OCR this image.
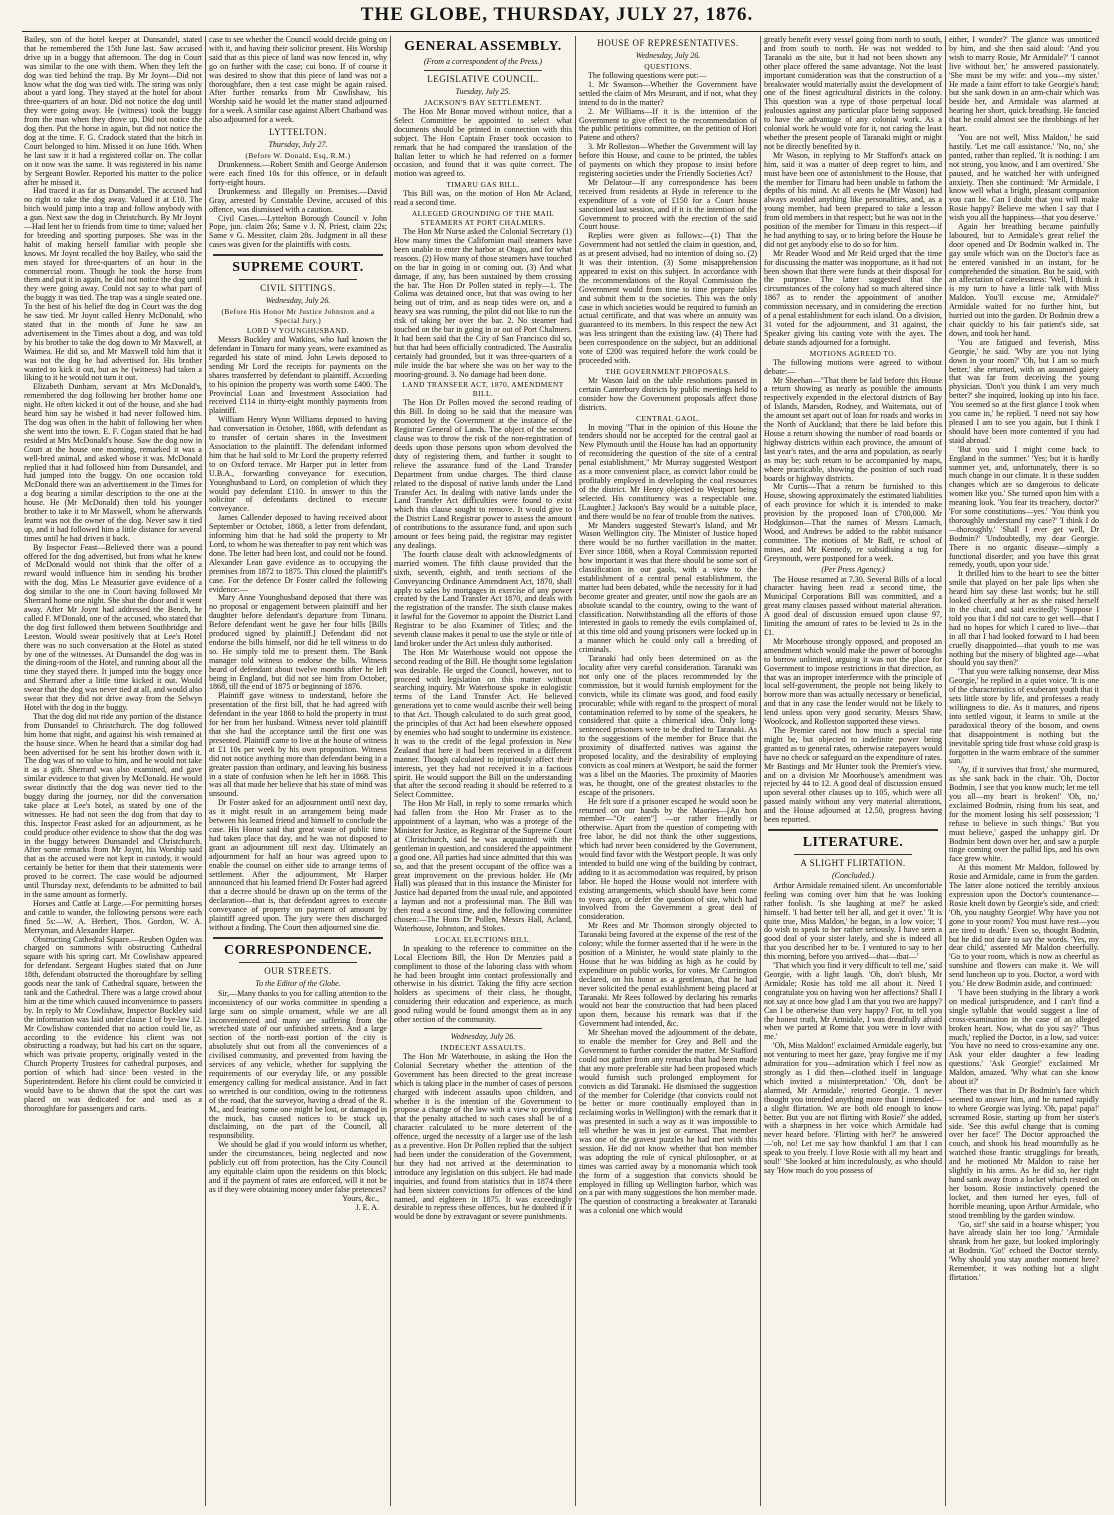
THE GLOBE, THURSDAY, JULY 27, 1876.

Bailey, son of the hotel keeper at Dunsandel, stated that he remembered the 15th June last. Saw accused drive up in a buggy that afternoon. The dog in Court was similar to the one with them. When they left the dog was tied behind the trap. By Mr Joynt—Did not know what the dog was tied with. The string was only about a yard long. They stayed at the hotel for about three-quarters of an hour. Did not notice the dog until they were going away. He (witness) took the buggy from the man when they drove up. Did not notice the dog then. Put the horse in again, but did not notice the dog at the time. F. G. Cradock stated that the bitch in Court belonged to him. Missed it on June 16th. When he last saw it it had a registered collar on. The collar on it now was the same. It was registered in his name by Sergeant Bowler. Reported his matter to the police after he missed it.

Had traced it as far as Dunsandel. The accused had no right to take the dog away. Valued it at £10. The bitch would jump into a trap and follow anybody with a gun. Next saw the dog in Christchurch. By Mr Joynt—Had lent her to friends from time to time; valued her for breeding and sporting purposes. She was in the habit of making herself familiar with people she knows. Mr Joynt recalled the boy Bailey, who said the men stayed for three-quarters of an hour in the commercial room. Though he took the horse from them and put it in again, he did not notice the dog until they were going away. Could not say to what part of the buggy it was tied. The trap was a single seated one. To the best of his belief the dog in Court was the dog he saw tied. Mr Joynt called Henry McDonald, who stated that in the month of June he saw an advertisement in the Times about a dog, and was told by his brother to take the dog down to Mr Maxwell, at Waimea. He did so, and Mr Maxwell told him that it was not the dog he had advertised for. His brother wanted to kick it out, but as he (witness) had taken a liking to it he would not turn it out.

Elizabeth Dunham, servant at Mrs McDonald's, remembered the dog following her brother home one night. He often kicked it out of the house, and she had heard him say he wished it had never followed him. The dog was often in the habit of following her when she went into the town. E. F. Cogan stated that he had resided at Mrs McDonald's house. Saw the dog now in Court at the house one morning, remarked it was a well-bred animal, and asked whose it was. McDonald replied that it had followed him from Dunsandel, and had jumped into the buggy. On one occasion told McDonald there was an advertisement in the Times for a dog bearing a similar description to the one at the house. He (Mr McDonald) then told his younger brother to take it to Mr Maxwell, whom he afterwards learnt was not the owner of the dog. Never saw it tied up, and it had followed him a little distance for several times until he had driven it back.

By Inspector Feast—Believed there was a pound offered for the dog advertised, but from what he knew of McDonald would not think that the offer of a reward would influence him in sending his brother with the dog. Miss Le Measurier gave evidence of a dog similar to the one in Court having followed Mr Sherrard home one night. She shut the door and it went away. After Mr Joynt had addressed the Bench, he called F. M'Donald, one of the accused, who stated that the dog first followed them between Southbridge and Leeston. Would swear positively that at Lee's Hotel there was no such conversation at the Hotel as stated by one of the witnesses. At Dunsandel the dog was in the dining-room of the Hotel, and running about all the time they stayed there. It jumped into the buggy once and Sherrard after a little time kicked it out. Would swear that the dog was never tied at all, and would also swear that they did not drive away from the Selwyn Hotel with the dog in the buggy.

That the dog did not ride any portion of the distance from Dunsandel to Christchurch. The dog followed him home that night, and against his wish remained at the house since. When he heard that a similar dog had been advertised for he sent his brother down with it. The dog was of no value to him, and he would not take it as a gift. Sherrard was also examined, and gave similar evidence to that given by McDonald. He would swear distinctly that the dog was never tied to the buggy during the journey, nor did the conversation take place at Lee's hotel, as stated by one of the witnesses. He had not seen the dog from that day to this. Inspector Feast asked for an adjournment, as he could produce other evidence to show that the dog was in the buggy between Dunsandel and Christchurch. After some remarks from Mr Joynt, his Worship said that as the accused were not kept in custody, it would certainly be better for them that their statements were proved to be correct. The case would be adjourned until Thursday next, defendants to be admitted to bail in the same amount as formerly.

Horses and Cattle at Large.—For permitting horses and cattle to wander, the following persons were each fined 5s:—W. A. Herbert, Thos. Gordon, W. A. Merryman, and Alexander Harper.

Obstructing Cathedral Square.—Reuben Ogden was charged on summons with obstructing Cathedral square with his spring cart. Mr Cowlishaw appeared for defendant. Sergeant Hughes stated that on June 18th, defendant obstructed the thoroughfare by selling goods near the tank of Cathedral square, between the tank and the Cathedral. There was a large crowd about him at the time which caused inconvenience to passers by. In reply to Mr Cowlishaw, Inspector Buckley said the information was laid under clause 1 of bye-law 12. Mr Cowlishaw contended that no action could lie, as according to the evidence his client was not obstructing a roadway, but had his cart on the square, which was private property, originally vested in the Church Property Trustees for cathedral purposes, and portion of which had since been vested in the Superintendent. Before his client could be convicted it would have to be shown that the spot the cart was placed on was dedicated for and used as a thoroughfare for passengers and carts.

case to see whether the Council would decide going on with it, and having their solicitor present. His Worship said that as this piece of land was now fenced in, why go on further with the case; cui bono. If of course it was desired to show that this piece of land was not a thoroughfare, then a test case might be again raised. After further remarks from Mr Cowlishaw, his Worship said he would let the matter stand adjourned for a week. A similar case against Albert Chatband was also adjourned for a week.

LYTTELTON.
Thursday, July 27.
(Before W. Donald, Esq, R.M.)

Drunkenness.—Robert Smith and George Anderson were each fined 10s for this offence, or in default forty-eight hours.

Drunkenness and Illegally on Premises.—David Gray, arrested by Constable Devine, accused of this offence, was dismissed with a caution.

Civil Cases.—Lyttelton Borough Council v John Pope, jun. claim 26s; Same v J. N. Priest, claim 22s; Same v G. Messiter, claim 28s. Judgment in all these cases was given for the plaintiffs with costs.

SUPREME COURT.
CIVIL SITTINGS.
Wednesday, July 26.
(Before His Honor Mr Justice Johnston and a Special Jury.)
LORD V YOUNGHUSBAND.

Messrs Buckley and Watkins, who had known the defendant in Timaru for many years, were examined as regarded his state of mind. John Lewis deposed to sending Mr Lord the receipts for payments on the shares transferred by defendant to plaintiff. According to his opinion the property was worth some £400. The Provincial Loan and Investment Association had received £114 in thirty-eight monthly payments from plaintiff.

William Henry Wynn Williams deposed to having had conversation in October, 1868, with defendant as to transfer of certain shares in the Investment Association to the plaintiff. The defendant informed him that he had sold to Mr Lord the property referred to on Oxford terrace. Mr Harper put in letter from U.B.A., forwarding conveyance for execution, Younghusband to Lord, on completion of which they would pay defendant £110. In answer to this the solicitor of defendants declined to execute conveyance.

James Callender deposed to having received about September or October, 1868, a letter from defendant, informing him that he had sold the property to Mr Lord, to whom he was thereafter to pay rent which was done. The letter had been lost, and could not be found. Alexander Lean gave evidence as to occupying the premises from 1872 to 1875. This closed the plaintiff's case. For the defence Dr Foster called the following evidence:—

Mary Anne Younghusband deposed that there was no proposal or engagement between plaintiff and her daughter before defendant's departure from Timaru. Before defendant went he gave her four bills [Bills produced signed by plaintiff.] Defendant did not endorse the bills himself, nor did he tell witness to do so. He simply told me to present them. The Bank manager told witness to endorse the bills. Witness heard of defendant about twelve months after he left being in England, but did not see him from October, 1868, till the end of 1875 or beginning of 1876.

Plaintiff gave witness to understand, before the presentation of the first bill, that he had agreed with defendant in the year 1868 to hold the property in trust for her from her husband. Witness never told plaintiff that she had the acceptance until the first one was presented. Plaintiff came to live at the house of witness at £1 10s per week by his own proposition. Witness did not notice anything more than defendant being in a greater passion than ordinary, and leaving his business in a state of confusion when he left her in 1868. This was all that made her believe that his state of mind was unsound.

Dr Foster asked for an adjournment until next day, as it might result in an arrangement being made between his learned friend and himself to conclude the case. His Honor said that great waste of public time had taken place that day, and he was not disposed to grant an adjournment till next day. Ultimately an adjournment for half an hour was agreed upon to enable the counsel on either side to arrange terms of settlement. After the adjournment, Mr Harper announced that his learned friend Dr Foster had agreed that a decree should be drawn up on the terms of the declaration—that is, that defendant agrees to execute conveyance of property on payment of amount by plaintiff agreed upon. The jury were then discharged without a finding. The Court then adjourned sine die.

CORRESPONDENCE.
OUR STREETS.
To the Editor of the Globe.

Sir,—Many thanks to you for calling attention to the inconsistency of our works committee in spending a large sum on simple ornament, while we are all inconvenienced and many are suffering from the wretched state of our unfinished streets. And a large section of the north-east portion of the city is absolutely shut out from all the conveniences of a civilised community, and prevented from having the services of any vehicle, whether for supplying the requirements of our everyday life, or any possible emergency calling for medical assistance. And in fact so wretched is our condition, owing to the rottenness of the road, that the surveyor, having a dread of the R. M., and fearing some one might be lost, or damaged in the muck, has caused notices to be stuck up, disclaiming, on the part of the Council, all responsibility.

We should be glad if you would inform us whether, under the circumstances, being neglected and now publicly cut off from protection, has the City Council any equitable claim upon the residents on this block; and if the payment of rates are enforced, will it not be as if they were obtaining money under false pretences?

Yours, &c.,
J. E. A.
GENERAL ASSEMBLY.
(From a correspondent of the Press.)
LEGISLATIVE COUNCIL.
Tuesday, July 25.
JACKSON'S BAY SETTLEMENT.

The Hon Mr Bonar moved without notice, that a Select Committee be appointed to select what documents should be printed in connection with this subject. The Hon Captain Fraser took occasion to remark that he had compared the translation of the Italian letter to which he had referred on a former occasion, and found that it was quite correct. The motion was agreed to.

TIMARU GAS BILL.

This Bill was, on the motion of Hon Mr Acland, read a second time.

ALLEGED GROUNDING OF THE MAIL STEAMERS AT PORT CHALMERS.

The Hon Mr Nurse asked the Colonial Secretary (1) How many times the Californian mail steamers have been unable to enter the harbor at Otago, and for what reasons. (2) How many of those steamers have touched on the bar in going in or coming out. (3) And what damage, if any, has been sustained by them crossing the bar. The Hon Dr Pollen stated in reply—1. The Colima was detained once, but that was owing to her being out of trim, and as neap tides were on, and a heavy sea was running, the pilot did not like to run the risk of taking her over the bar. 2. No steamer had touched on the bar in going in or out of Port Chalmers. It had been said that the City of San Francisco did so, but that had been officially contradicted. The Australia certainly had grounded, but it was three-quarters of a mile inside the bar where she was on her way to the mooring-ground. 3. No damage had been done.

LAND TRANSFER ACT, 1870, AMENDMENT BILL.

The Hon Dr Pollen moved the second reading of this Bill. In doing so he said that the measure was promoted by the Government at the instance of the Registrar General of Lands. The object of the second clause was to throw the risk of the non-registration of deeds upon those persons upon whom devolved the duty of registering them, and further it sought to relieve the assurance fund of the Land Transfer Department from undue charges. The third clause related to the disposal of native lands under the Land Transfer Act. In dealing with native lands under the Land Transfer Act difficulties were found to exist which this clause sought to remove. It would give to the District Land Registrar power to assess the amount of contributions to the assurance fund, and upon such amount or fees being paid, the registrar may register any dealings.

The fourth clause dealt with acknowledgments of married women. The fifth clause provided that the sixth, seventh, eighth, and tenth sections of the Conveyancing Ordinance Amendment Act, 1870, shall apply to sales by mortgages in exercise of any power created by the Land Transfer Act 1870, and deals with the registration of the transfer. The sixth clause makes it lawful for the Governor to appoint the District Land Registrar to be also Examiner of Titles; and the seventh clause makes it penal to use the style or title of land broker under the Act unless duly authorised.

The Hon Mr Waterhouse would not oppose the second reading of the Bill. He thought some legislation was desirable. He urged the Council, however, not to proceed with legislation on this matter without searching inquiry. Mr Waterhouse spoke in eulogistic terms of the Land Transfer Act. He believed generations yet to come would ascribe their well being to that Act. Though calculated to do such great good, the principles of that Act had been elsewhere opposed by enemies who had sought to undermine its existence. It was to the credit of the legal profession in New Zealand that here it had been received in a different manner. Though calculated to injuriously affect their interests, yet they had not received it in a factious spirit. He would support the Bill on the understanding that after the second reading it should be referred to a Select Committee.

The Hon Mr Hall, in reply to some remarks which had fallen from the Hon Mr Fraser as to the appointment of a layman, who was a protege of the Minister for Justice, as Registrar of the Supreme Court at Christchurch, said he was acquainted with the gentleman in question, and considered the appointment a good one. All parties had since admitted that this was so, and that the present occupant of the office was a great improvement on the previous holder. He (Mr Hall) was pleased that in this instance the Minister for Justice had departed from the usual rule, and appointed a layman and not a professional man. The Bill was then read a second time, and the following committee chosen:—The Hons Dr Pollen, Messrs Hall, Acland, Waterhouse, Johnston, and Stokes.

LOCAL ELECTIONS BILL.

In speaking to the reference to committee on the Local Elections Bill, the Hon Dr Menzies paid a compliment to those of the laboring class with whom he had been brought into contact professionally and otherwise in his district. Taking the fifty acre section holders as specimens of their class, he thought, considering their education and experience, as much good ruling would be found amongst them as in any other section of the community.

Wednesday, July 26.
INDECENT ASSAULTS.

The Hon Mr Waterhouse, in asking the Hon the Colonial Secretary whether the attention of the Government has been directed to the great increase which is taking place in the number of cases of persons charged with indecent assaults upon children, and whether it is the intention of the Government to propose a change of the law with a view to providing that the penalty attached to such cases shall be of a character calculated to be more deterrent of the offence, urged the necessity of a larger use of the lash as a preventive. Hon Dr Pollen replied that the subject had been under the consideration of the Government, but they had not arrived at the determination to introduce any legislation on this subject. He had made inquiries, and found from statistics that in 1874 there had been sixteen convictions for offences of the kind named, and eighteen in 1875. It was exceedingly desirable to repress these offences, but he doubted if it would be done by extravagant or severe punishments.

HOUSE OF REPRESENTATIVES.
Wednesday, July 26.
QUESTIONS.

The following questions were put:—

1. Mr Swanson—Whether the Government have settled the claim of Mrs Meurant, and if not, what they intend to do in the matter?

2. Mr Williams—If it is the intention of the Government to give effect to the recommendation of the public petitions committee, on the petition of Hori Patene and others?

3. Mr Rolleston—Whether the Government will lay before this House, and cause to be printed, the tables of payments on which they propose to insist before registering societies under the Friendly Societies Act?

Mr Delatour—If any correspondence has been received from residents at Hyde in reference to the expenditure of a vote of £150 for a Court house sanctioned last session, and if it is the intention of the Government to proceed with the erection of the said Court house.

Replies were given as follows:—(1) That the Government had not settled the claim in question, and, as at present advised, had no intention of doing so. (2) It was their intention. (3) Some misapprehension appeared to exist on this subject. In accordance with the recommendations of the Royal Commission the Government would from time to time prepare tables and submit them to the societies. This was the only case in which societies would be required to furnish an actual certificate, and that was where an annuity was guaranteed to its members. In this respect the new Act was less stringent than the existing law. (4) There had been correspondence on the subject, but an additional vote of £200 was required before the work could be proceeded with.

THE GOVERNMENT PROPOSALS.

Mr Wason laid on the table resolutions passed in certain Canterbury districts by public meetings held to consider how the Government proposals affect those districts.

CENTRAL GAOL.

In moving "That in the opinion of this House the tenders should not be accepted for the central gaol at New Plymouth until the House has had an opportunity of reconsidering the question of the site of a central penal establishment," Mr Murray suggested Westport as a more convenient place, as convict labor could be profitably employed in developing the coal resources of the district. Mr Henry objected to Westport being selected. His constituency was a respectable one. [Laughter.] Jackson's Bay would be a suitable place, and there would be no fear of trouble from the natives.

Mr Manders suggested Stewart's Island, and Mr Wason Wellington city. The Minister of Justice hoped there would be no further vacillation in the matter. Ever since 1868, when a Royal Commission reported how important it was that there should be some sort of classification in our gaols, with a view to the establishment of a central penal establishment, the matter had been debated, while the necessity for it had become greater and greater, until now the gaols are an absolute scandal to the country, owing to the want of classification. Notwithstanding all the efforts of those interested in gaols to remedy the evils complained of, at this time old and young prisoners were locked up in a manner which he could only call a breeding of criminals.

Taranaki had only been determined on as the locality after very careful consideration. Taranaki was not only one of the places recommended by the commission, but it would furnish employment for the convicts, while its climate was good, and food easily procurable; while with regard to the prospect of moral contamination referred to by some of the speakers, he considered that quite a chimerical idea. Only long-sentenced prisoners were to be drafted to Taranaki. As to the suggestions of the member for Bruce that the proximity of disaffected natives was against the proposed locality, and the desirability of employing convicts as coal miners at Westport, he said the former was a libel on the Maories. The proximity of Maories was, he thought, one of the greatest obstacles to the escape of the prisoners.

He felt sure if a prisoner escaped he would soon be returned on our hands by the Maories—[An hon member—"Or eaten"] —or rather friendly or otherwise. Apart from the question of competing with free labor, he did not think the other suggestions, which had never been considered by the Government, would find favor with the Westport people. It was only intended to build one wing of the building by contract, adding to it as accommodation was required, by prison labor. He hoped the House would not interfere with existing arrangements, which should have been come to years ago, or defer the question of site, which had involved from the Government a great deal of consideration.

Mr Rees and Mr Thomson strongly objected to Taranaki being favored at the expense of the rest of the colony; while the former asserted that if he were in the position of a Minister, he would state plainly to the House that he was bidding as high as he could by expenditure on public works, for votes. Mr Carrington declared, on his honor as a gentleman, that he had never solicited the penal establishment being placed at Taranaki. Mr Rees followed by declaring his remarks would not bear the construction that had been placed upon them, because his remark was that if the Government had intended, &c.

Mr Sheehan moved the adjournment of the debate, to enable the member for Grey and Bell and the Government to further consider the matter. Mr Stafford could not gather from any remarks that had been made that any more preferable site had been proposed which would furnish such prolonged employment for convicts as did Taranaki. He dismissed the suggestion of the member for Coleridge (that convicts could not be better or more continually employed than in reclaiming works in Wellington) with the remark that it was presented in such a way as it was impossible to tell whether he was in jest or earnest. That member was one of the gravest puzzles he had met with this session. He did not know whether that hon member was adopting the role of cynical philosopher, or at times was carried away by a monomania which took the form of a suggestion that convicts should be employed in filling up Wellington harbor, which was on a par with many suggestions the hon member made. The question of constructing a breakwater at Taranaki was a colonial one which would

greatly benefit every vessel going from north to south, and from south to north. He was not wedded to Taranaki as the site, but it had not been shown any other place offered the same advantage. Not the least important consideration was that the construction of a breakwater would materially assist the development of one of the finest agricultural districts in the colony. This question was a type of those perpetual local jealousies against any particular place being supposed to have the advantage of any colonial work. As a colonial work he would vote for it, not caring the least whether the present people of Taranaki might or might not be directly benefited by it.

Mr Wason, in replying to Mr Stafford's attack on him, said it was a matter of deep regret to him, and must have been one of astonishment to the House, that the member for Timaru had been unable to fathom the depths of his mind. At all events he (Mr Wason) had always avoided anything like personalities, and, as a young member, had been prepared to take a lesson from old members in that respect; but he was not in the position of the member for Timaru in this respect—if he had anything to say, or to bring before the House he did not get anybody else to do so for him.

Mr Reader Wood and Mr Reid urged that the time for discussing the matter was inopportune, as it had not been shown that there were funds at their disposal for the purpose. The latter suggested that the circumstances of the colony had so much altered since 1867 as to render the appointment of another commission necessary, and in considering the erection of a penal establishment for each island. On a division, 31 voted for the adjournment, and 31 against, the Speaker giving his casting vote with the ayes. The debate stands adjourned for a fortnight.

MOTIONS AGREED TO.

The following motions were agreed to without debate:—

Mr Sheehan—"That there be laid before this House a return showing as nearly as possible the amounts respectively expended in the electoral districts of Bay of Islands, Marsden, Rodney, and Waitemata, out of the amount set apart out of loan for roads and works in the North of Auckland; that there be laid before this House a return showing the number of road boards or highway districts within each province, the amount of last year's rates, and the area and population, as nearly as may be; such return to be accompanied by maps, where practicable, showing the position of such road boards or highway districts.

Mr Curtis—That a return be furnished to this House, showing approximately the estimated liabilities of each province for which it is intended to make provision by the proposed loan of £700,000. Mr Hodgkinson—That the names of Messrs Larnach, Wood, and Andrews be added to the rabbit nuisance committee. The motions of Mr Baff, re school of mines, and Mr Kennedy, re subsidising a tug for Greymouth, were postponed for a week.

(Per Press Agency.)

The House resumed at 7.30. Several Bills of a local character having been read a second time, the Municipal Corporations Bill was committed, and a great many clauses passed without material alteration. A good deal of discussion ensued upon clause 97, limiting the amount of rates to be levied to 2s in the £1.

Mr Moorhouse strongly opposed, and proposed an amendment which would make the power of boroughs to borrow unlimited, arguing it was not the place for Government to impose restrictions in that direction, as that was an improper interference with the principle of local self-government, the people not being likely to borrow more than was actually necessary or beneficial, and that in any case the lender would not be likely to lend unless upon very good security. Messrs Shaw, Woolcock, and Rolleston supported these views.

The Premier cared not how much a special rate might be, but objected to indefinite power being granted as to general rates, otherwise ratepayers would have no check or safeguard on the expenditure of rates. Mr Bastings and Mr Hunter took the Premier's view, and on a division Mr Moorhouse's amendment was rejected by 44 to 12. A good deal of discussion ensued upon several other clauses up to 105, which were all passed mainly without any very material alterations, and the House adjourned at 12.50, progress having been reported.

LITERATURE.
A SLIGHT FLIRTATION.
(Concluded.)

Arthur Armidale remained silent. An uncomfortable feeling was coming over him that he was looking rather foolish. 'Is she laughing at me?' he asked himself. 'I had better tell her all, and get it over.' 'It is quite true, Miss Maldon,' he began, in a low voice; 'I do wish to speak to her rather seriously. I have seen a good deal of your sister lately, and she is indeed all that you described her to be. I ventured to say to her this morning, before you arrived—that—that—'

'That which you find it very difficult to tell me,' said Georgie, with a light laugh. 'Oh, don't blush, Mr Armidale; Rosie has told me all about it. Need I congratulate you on having won her affections? Shall I not say at once how glad I am that you two are happy? Can I be otherwise than very happy? For, to tell you the honest truth, Mr Armidale, I was dreadfully afraid when we parted at Rome that you were in love with me.'

'Oh, Miss Maldon!' exclaimed Armidale eagerly, but not venturing to meet her gaze, 'pray forgive me if my admiration for you—admiration which I feel now as strongly as I did then—clothed itself in language which invited a misinterpretation.' 'Oh, don't be alarmed, Mr Armidale,' retorted Georgie. 'I never thought you intended anything more than I intended—a slight flirtation. We are both old enough to know better. But you are not flirting with Rosie?' she added, with a sharpness in her voice which Armidale had never heard before. 'Flirting with her?' he answered—'oh, no! Let me say how thankful I am that I can speak to you freely. I love Rosie with all my heart and soul!' 'She looked at him incredulously, as who should say 'How much do you possess of

either, I wonder?' The glance was unnoticed by him, and she then said aloud: 'And you wish to marry Rosie, Mr Armidale?' 'I cannot live without her,' he answered passionately. 'She must be my wife: and you—my sister.' He made a faint effort to take Georgie's hand; but she sank down in an arm-chair which was beside her, and Armidale was alarmed at hearing her short, quick breathing. He fancied that he could almost see the throbbings of her heart.

'You are not well, Miss Maldon,' he said hastily. 'Let me call assistance.' 'No, no,' she panted, rather than replied. 'It is nothing: I am not strong, you know, and I am overtired.' She paused, and he watched her with unfeigned anxiety. Then she continued: 'Mr Armidale, I know well what a bright, pleasant companion you can be. Can I doubt that you will make Rosie happy? Believe me when I say that I wish you all the happiness—that you deserve.'

Again her breathing became painfully laboured, but to Armidale's great relief the door opened and Dr Bodmin walked in. The gay smile which was on the Doctor's face as he entered vanished in an instant, for he comprehended the situation. But he said, with an affectation of carelessness: 'Well, I think it is my turn to have a little talk with Miss Maldon. You'll excuse me, Armidale?' Armidale waited for no further hint, but hurried out into the garden. Dr Bodmin drew a chair quickly to his fair patient's side, sat down, and took her hand.

'You are fatigued and feverish, Miss Georgie,' he said. 'Why are you not lying down in your room?' 'Oh, but I am so much better,' she returned, with an assumed gaiety that was far from deceiving the young physician. 'Don't you think I am very much better?' she inquired, looking up into his face. 'You seemed so at the first glance I took when you came in,' he replied. 'I need not say how pleased I am to see you again, but I think I should have been more contented if you had staid abroad.'

'But you said I might come back to England in the summer.' 'Yes; but it is hardly summer yet, and, unfortunately, there is so much change in our climate. It is these sudden changes which are so dangerous to delicate women like you.' She turned upon him with a meaning look. 'You fear its treachery, doctor?' 'For some constitutions—yes.' 'You think you thoroughly understand my case?' 'I think I do—thoroughly.' 'Shall I ever get well, Dr Bodmin?' 'Undoubtedly, my dear Georgie. There is no organic disease—simply a functional disorder; and you have this great remedy, youth, upon your side.'

It thrilled him to the heart to see the bitter smile that played on her pale lips when she heard him say these last words; but he still looked cheerfully at her as she raised herself in the chair, and said excitedly: 'Suppose I told you that I did not care to get well—that I had no hopes for which I cared to live—that in all that I had looked forward to I had been cruelly disappointed—that youth to me was nothing but the misery of blighted age—what should you say then?'

'That you were talking nonsense, dear Miss Georgie,' he replied in a quiet voice. 'It is one of the characteristics of exuberant youth that it sets little store by life, and professes a ready willingness to die. As it matures, and ripens into settled vigour, it learns to smile at the paradoxical theory of the bosom, and owns that disappointment is nothing but the inevitable spring tide frost whose cold grasp is forgotten in the warm embrace of the summer sun.'

'Ay, if it survives that frost,' she murmured, as she sank back in the chair. 'Oh, Doctor Bodmin, I see that you know much; let me tell you all—my heart is broken!' 'Oh, no,' exclaimed Bodmin, rising from his seat, and for the moment losing his self possession; 'I refuse to believe in such things.' 'But you must believe,' gasped the unhappy girl. Dr Bodmin bent down over her, and saw a purple tinge coming over the pallid lips, and his own face grew white.

At this moment Mr Maldon, followed by Rosie and Armidale, came in from the garden. The latter alone noticed the terribly anxious expression upon the Doctor's countenance—Rosie knelt down by Georgie's side, and cried: 'Oh, you naughty Georgie! Why have you not gone to your room? You must have rest—you are tired to death.' Even so, thought Bodmin, but he did not dare to say the words. 'Yes, my dear child,' assented Mr Maldon cheerfully. 'Go to your room, which is now as cheerful as sunshine and flowers can make it. We will send luncheon up to you. Doctor, a word with you.' He drew Bodmin aside, and continued:

'I have been studying in the library a work on medical jurisprudence, and I can't find a single syllable that would suggest a line of cross-examination in the case of an alleged broken heart. Now, what do you say?' 'Thus much,' replied the Doctor, in a low, sad voice: 'You have no need to cross-examine any one. Ask your elder daughter a few leading questions.' 'Ask Georgie!' exclaimed Mr Maldon, amazed. 'Why what can she know about it?'

There was that in Dr Bodmin's face which seemed to answer him, and he turned rapidly to where Georgie was lying. 'Oh, papa! papa!' screamed Rosie, starting up from her sister's side. 'See this awful change that is coming over her face!' The Doctor approached the couch, and shook his head mournfully as he watched those frantic strugglings for breath, and he motioned Mr Maldon to raise her slightly in his arms. As he did so, her right hand sank away from a locket which rested on her bosom. Rosie instinctively opened the locket, and then turned her eyes, full of horrible meaning, upon Arthur Armidale, who stood trembling by the garden window.

'Go, sir!' she said in a hoarse whisper; 'you have already slain her too long.' 'Armidale shrank from her gaze, but looked imploringly at Bodmin. 'Go!' echoed the Doctor sternly. 'Why should you stay another moment here? Remember, it was nothing but a slight flirtation.'
